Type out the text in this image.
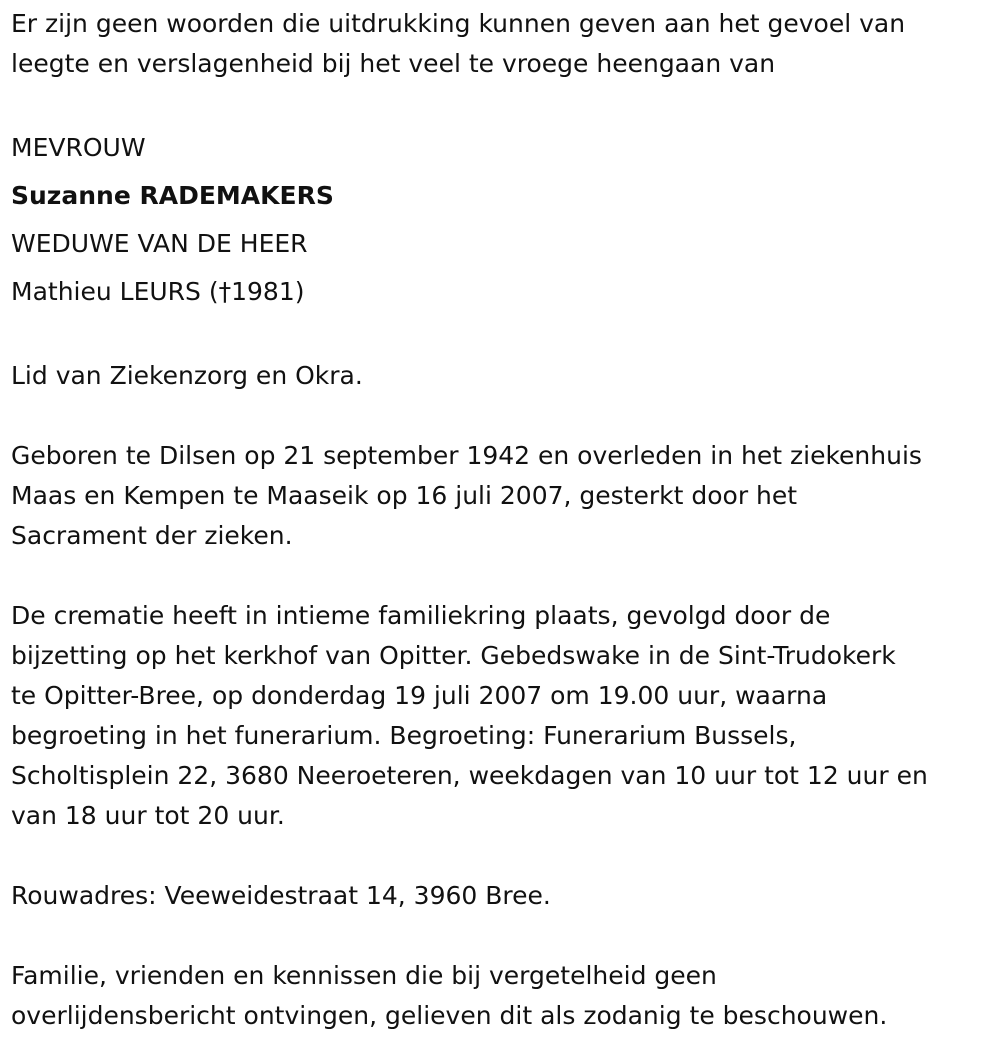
Er zijn geen woorden die uitdrukking kunnen geven aan het gevoel van

leegte en verslagenheid bij het veel te vroege heengaan van

MEVROUW

Suzanne RADEMAKERS

WEDUWE VAN DE HEER

Mathieu LEURS (†1981)

Lid van Ziekenzorg en Okra.

Geboren te Dilsen op 21 september 1942 en overleden in het ziekenhuis

Maas en Kempen te Maaseik op 16 juli 2007, gesterkt door het

Sacrament der zieken.

De crematie heeft in intieme familiekring plaats, gevolgd door de

bijzetting op het kerkhof van Opitter. Gebedswake in de Sint-Trudokerk

te Opitter-Bree, op donderdag 19 juli 2007 om 19.00 uur, waarna

begroeting in het funerarium. Begroeting: Funerarium Bussels,

Scholtisplein 22, 3680 Neeroeteren, weekdagen van 10 uur tot 12 uur en

van 18 uur tot 20 uur.

Rouwadres: Veeweidestraat 14, 3960 Bree.

Familie, vrienden en kennissen die bij vergetelheid geen

overlijdensbericht ontvingen, gelieven dit als zodanig te beschouwen.
